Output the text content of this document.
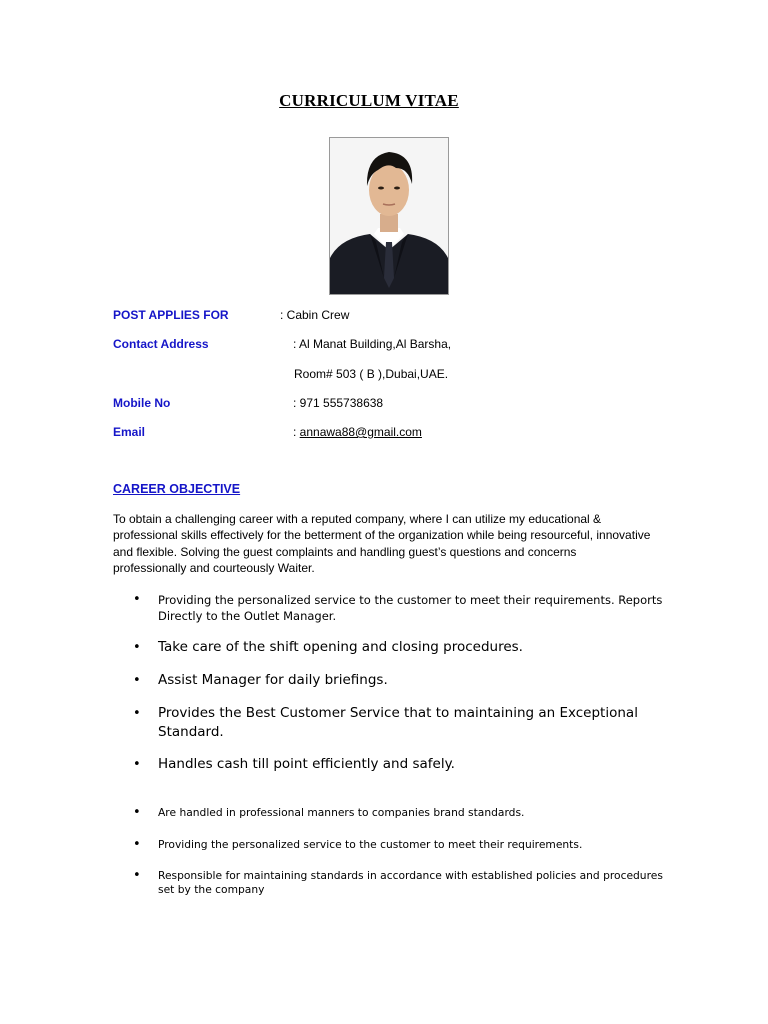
CURRICULUM VITAE
POST APPLIES FOR	: Cabin Crew
Contact Address	: Al Manat Building,Al Barsha,
Room# 503 ( B ),Dubai,UAE.
Mobile No	: 971 555738638
Email	: annawa88@gmail.com
CAREER OBJECTIVE
To obtain a challenging career with a reputed company, where I can utilize my educational & professional skills effectively for the betterment of the organization while being resourceful, innovative and flexible. Solving the guest complaints and handling guest’s questions and concerns professionally and courteously Waiter.
• Providing the personalized service to the customer to meet their requirements. Reports Directly to the Outlet Manager.
• Take care of the shift opening and closing procedures.
• Assist Manager for daily briefings.
• Provides the Best Customer Service that to maintaining an Exceptional Standard.
• Handles cash till point efficiently and safely.
• Are handled in professional manners to companies brand standards.
• Providing the personalized service to the customer to meet their requirements.
• Responsible for maintaining standards in accordance with established policies and procedures set by the company
